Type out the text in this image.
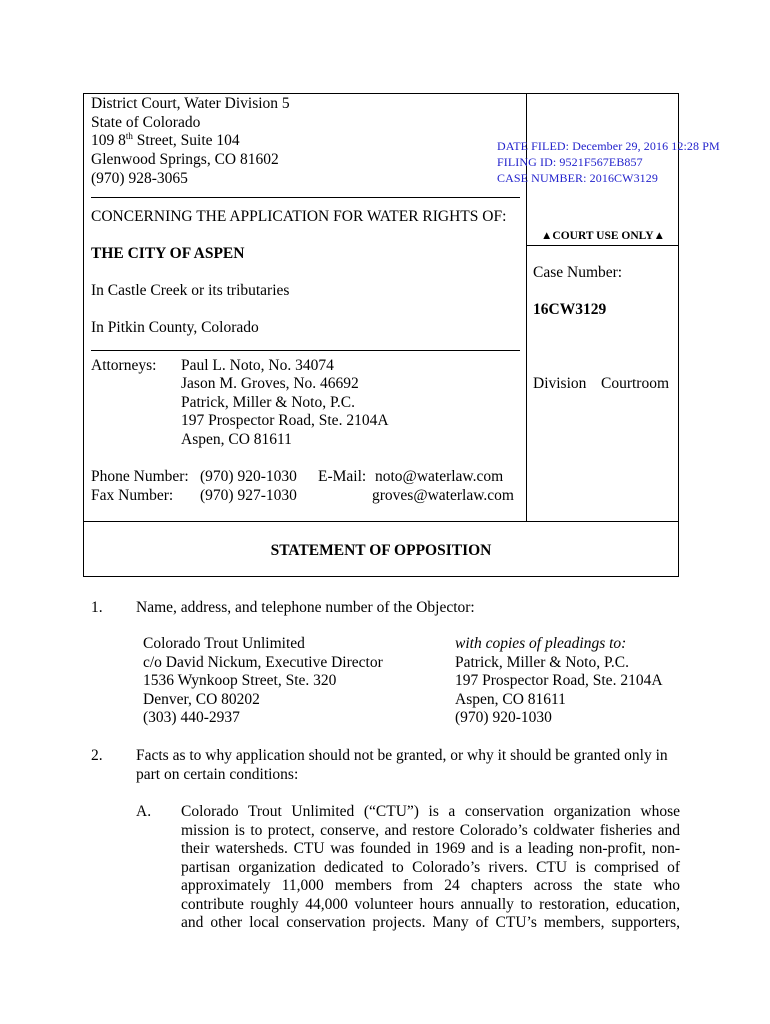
District Court, Water Division 5
State of Colorado
109 8th Street, Suite 104
Glenwood Springs, CO 81602
(970) 928-3065
DATE FILED: December 29, 2016 12:28 PM
FILING ID: 9521F567EB857
CASE NUMBER: 2016CW3129
CONCERNING THE APPLICATION FOR WATER RIGHTS OF:
THE CITY OF ASPEN
In Castle Creek or its tributaries
In Pitkin County, Colorado
Attorneys: Paul L. Noto, No. 34074
Jason M. Groves, No. 46692
Patrick, Miller & Noto, P.C.
197 Prospector Road, Ste. 2104A
Aspen, CO 81611
Phone Number: (970) 920-1030
Fax Number: (970) 927-1030
E-Mail: noto@waterlaw.com
groves@waterlaw.com
▲COURT USE ONLY▲
Case Number:
16CW3129
Division Courtroom
STATEMENT OF OPPOSITION
1. Name, address, and telephone number of the Objector:
Colorado Trout Unlimited
c/o David Nickum, Executive Director
1536 Wynkoop Street, Ste. 320
Denver, CO 80202
(303) 440-2937
with copies of pleadings to:
Patrick, Miller & Noto, P.C.
197 Prospector Road, Ste. 2104A
Aspen, CO 81611
(970) 920-1030
2. Facts as to why application should not be granted, or why it should be granted only in
part on certain conditions:
A. Colorado Trout Unlimited (“CTU”) is a conservation organization whose
mission is to protect, conserve, and restore Colorado’s coldwater fisheries and
their watersheds. CTU was founded in 1969 and is a leading non-profit, non-
partisan organization dedicated to Colorado’s rivers. CTU is comprised of
approximately 11,000 members from 24 chapters across the state who
contribute roughly 44,000 volunteer hours annually to restoration, education,
and other local conservation projects. Many of CTU’s members, supporters,
